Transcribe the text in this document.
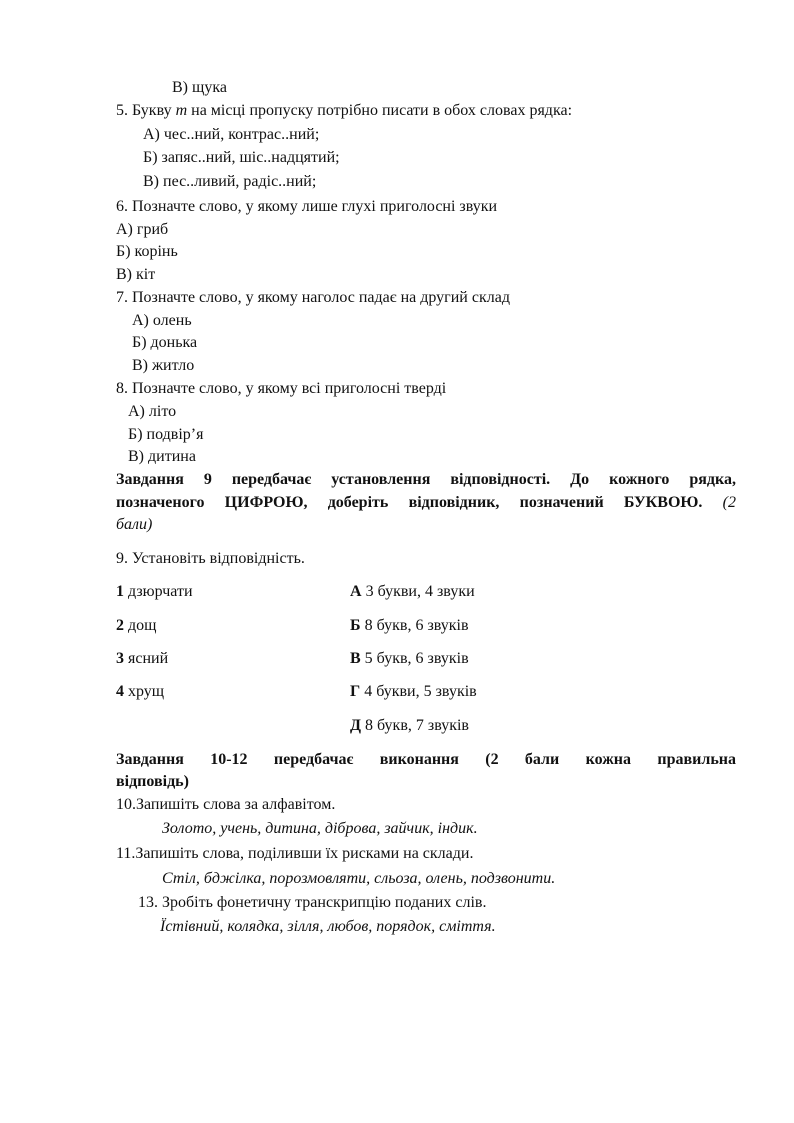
В) щука
5. Букву т на місці пропуску потрібно писати в обох словах рядка:
А) чес..ний, контрас..ний;
Б) запяс..ний, шіс..надцятий;
В) пес..ливий, радіс..ний;
6. Позначте слово, у якому лише глухі приголосні звуки
А) гриб
Б) корінь
В) кіт
7. Позначте слово, у якому наголос падає на другий склад
А) олень
Б) донька
В) житло
8. Позначте слово, у якому всі приголосні тверді
А) літо
Б) подвір’я
В) дитина
Завдання 9 передбачає установлення відповідності. До кожного рядка,
позначеного ЦИФРОЮ, доберіть відповідник, позначений БУКВОЮ. (2
бали)
9. Установіть відповідність.
1 дзюрчати
2 дощ
3 ясний
4 хрущ
А 3 букви, 4 звуки
Б 8 букв, 6 звуків
В 5 букв, 6 звуків
Г 4 букви, 5 звуків
Д 8 букв, 7 звуків
Завдання 10-12 передбачає виконання (2 бали кожна правильна
відповідь)
10.Запишіть слова за алфавітом.
Золото, учень, дитина, діброва, зайчик, індик.
11.Запишіть слова, поділивши їх рисками на склади.
Стіл, бджілка, порозмовляти, сльоза, олень, подзвонити.
13. Зробіть фонетичну транскрипцію поданих слів.
Їстівний, колядка, зілля, любов, порядок, сміття.
